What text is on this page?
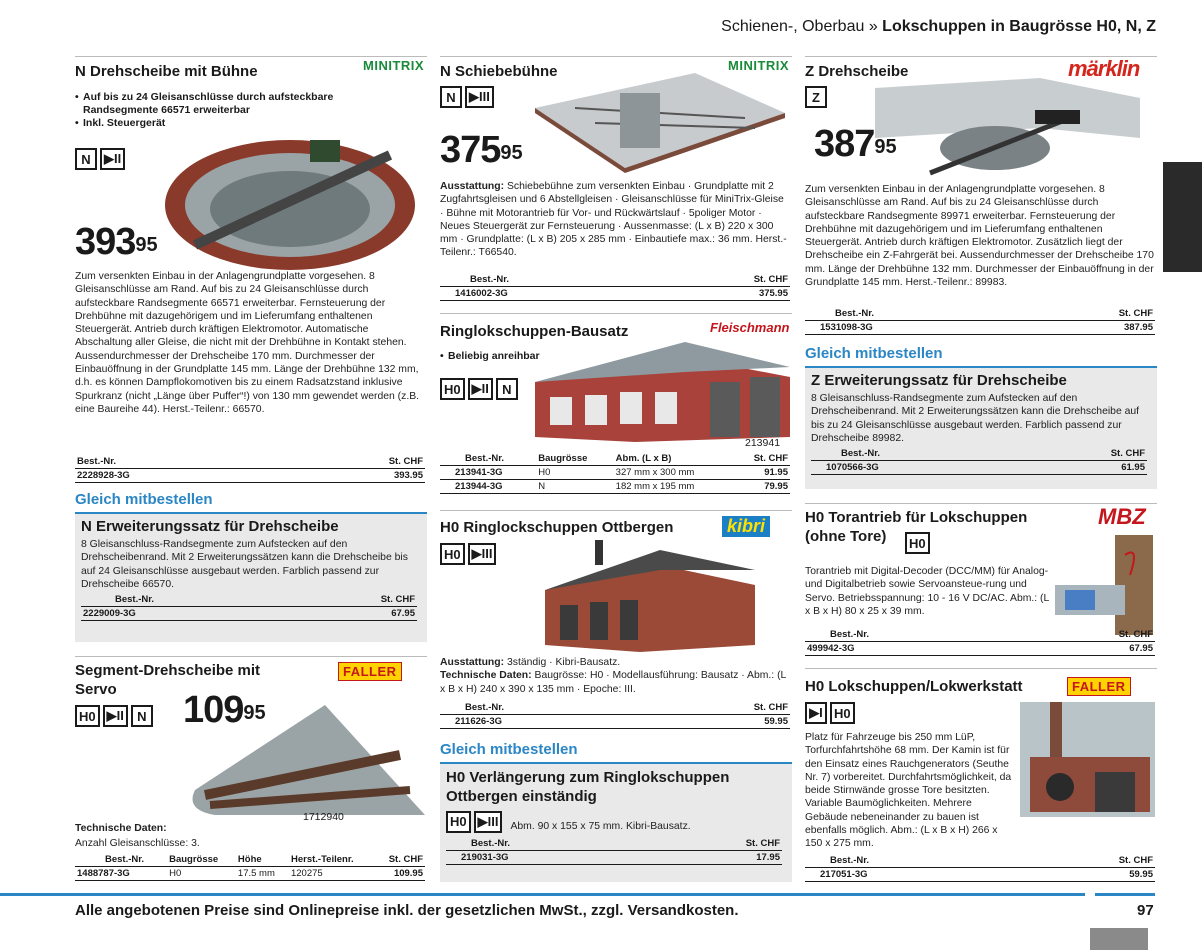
Schienen-, Oberbau » Lokschuppen in Baugrösse H0, N, Z
N Drehscheibe mit Bühne	MINITRIX
• Auf bis zu 24 Gleisanschlüsse durch aufsteckbare Randsegmente 66571 erweiterbar
• Inkl. Steuergerät
N	▶II
$393^{95}$
Zum versenkten Einbau in der Anlagengrundplatte vorgesehen. 8 Gleisanschlüsse am Rand. Auf bis zu 24 Gleisanschlüsse durch aufsteckbare Randsegmente 66571 erweiterbar. Fernsteuerung der Drehbühne mit dazugehörigem und im Lieferumfang enthaltenen Steuergerät. Antrieb durch kräftigen Elektromotor. Automatische Abschaltung aller Gleise, die nicht mit der Drehbühne in Kontakt stehen. Aussendurchmesser der Drehscheibe 170 mm. Durchmesser der Einbauöffnung in der Grundplatte 145 mm. Länge der Drehbühne 132 mm, d.h. es können Dampflokomotiven bis zu einem Radsatzstand inklusive Spurkranz (nicht „Länge über Puffer“!) von 130 mm gewendet werden (z.B. eine Baureihe 44). Herst.-Teilenr.: 66570.
Best.-Nr.	St. CHF
2228928-3G	393.95
Gleich mitbestellen
N Erweiterungssatz für Drehscheibe
8 Gleisanschluss-Randsegmente zum Aufstecken auf den Drehscheibenrand. Mit 2 Erweiterungssätzen kann die Drehscheibe bis auf 24 Gleisanschlüsse ausgebaut werden. Farblich passend zur Drehscheibe 66570.
Best.-Nr.	St. CHF
2229009-3G	67.95
Segment-Drehscheibe mit Servo
FALLER
H0 ▶II	N $109^{95}$
1712940
Technische Daten:
Anzahl Gleisanschlüsse: 3.
Best.-Nr.	Baugrösse	Höhe	Herst.-Teilenr.	St. CHF
1488787-3G	H0	17.5 mm	120275	109.95
N Schiebebühne	MINITRIX
N	▶III
$375^{95}$
Ausstattung: Schiebebühne zum versenkten Einbau · Grundplatte mit 2 Zugfahrtsgleisen und 6 Abstellgleisen · Gleisanschlüsse für MiniTrix-Gleise · Bühne mit Motorantrieb für Vor- und Rückwärtslauf · 5poliger Motor · Neues Steuergerät zur Fernsteuerung · Aussenmasse: (L x B) 220 x 300 mm · Grundplatte: (L x B) 205 x 285 mm · Einbautiefe max.: 36 mm. Herst.-Teilenr.: T66540.
Best.-Nr.	St. CHF
1416002-3G	375.95
Ringlokschuppen-Bausatz	Fleischmann
• Beliebig anreihbar
H0 ▶II	N
213941
Best.-Nr.	Baugrösse	Abm. (L x B)	St. CHF
213941-3G	H0	327 mm x 300 mm	91.95
213944-3G	N	182 mm x 195 mm	79.95
H0 Ringlockschuppen Ottbergen	kibri
H0 ▶III
Ausstattung: 3ständig · Kibri-Bausatz.
Technische Daten: Baugrösse: H0 · Modellausführung: Bausatz · Abm.: (L x B x H) 240 x 390 x 135 mm · Epoche: III.
Best.-Nr.	St. CHF
211626-3G	59.95
Gleich mitbestellen
H0 Verlängerung zum Ringlokschuppen Ottbergen einständig
H0 ▶III	Abm. 90 x 155 x 75 mm. Kibri-Bausatz.
Best.-Nr.	St. CHF
219031-3G	17.95
Z Drehscheibe	märklin
Z
$387^{95}$
Zum versenkten Einbau in der Anlagengrundplatte vorgesehen. 8 Gleisanschlüsse am Rand. Auf bis zu 24 Gleisanschlüsse durch aufsteckbare Randsegmente 89971 erweiterbar. Fernsteuerung der Drehbühne mit dazugehörigem und im Lieferumfang enthaltenen Steuergerät. Antrieb durch kräftigen Elektromotor. Zusätzlich liegt der Drehscheibe ein Z-Fahrgerät bei. Aussendurchmesser der Drehscheibe 170 mm. Länge der Drehbühne 132 mm. Durchmesser der Einbauöffnung in der Grundplatte 145 mm. Herst.-Teilenr.: 89983.
Best.-Nr.	St. CHF
1531098-3G	387.95
Gleich mitbestellen
Z Erweiterungssatz für Drehscheibe
8 Gleisanschluss-Randsegmente zum Aufstecken auf den Drehscheibenrand. Mit 2 Erweiterungssätzen kann die Drehscheibe auf bis zu 24 Gleisanschlüsse ausgebaut werden. Farblich passend zur Drehscheibe 89982.
Best.-Nr.	St. CHF
1070566-3G	61.95
H0 Torantrieb für Lokschuppen (ohne Tore)
MBZ
H0
Torantrieb mit Digital-Decoder (DCC/MM) für Analog- und Digitalbetrieb sowie Servoansteue-rung und Servo. Betriebsspannung: 10 - 16 V DC/AC. Abm.: (L x B x H) 80 x 25 x 39 mm.
Best.-Nr.	St. CHF
499942-3G	67.95
H0 Lokschuppen/Lokwerkstatt	FALLER
▶I H0
Platz für Fahrzeuge bis 250 mm LüP, Torfurchfahrtshöhe 68 mm. Der Kamin ist für den Einsatz eines Rauchgenerators (Seuthe Nr. 7) vorbereitet. Durchfahrtsmöglichkeit, da beide Stirnwände grosse Tore besitzten. Variable Baumöglichkeiten. Mehrere Gebäude nebeneinander zu bauen ist ebenfalls möglich. Abm.: (L x B x H) 266 x 150 x 275 mm.
Best.-Nr.	St. CHF
217051-3G	59.95
Alle angebotenen Preise sind Onlinepreise inkl. der gesetzlichen MwSt., zzgl. Versandkosten.	97
